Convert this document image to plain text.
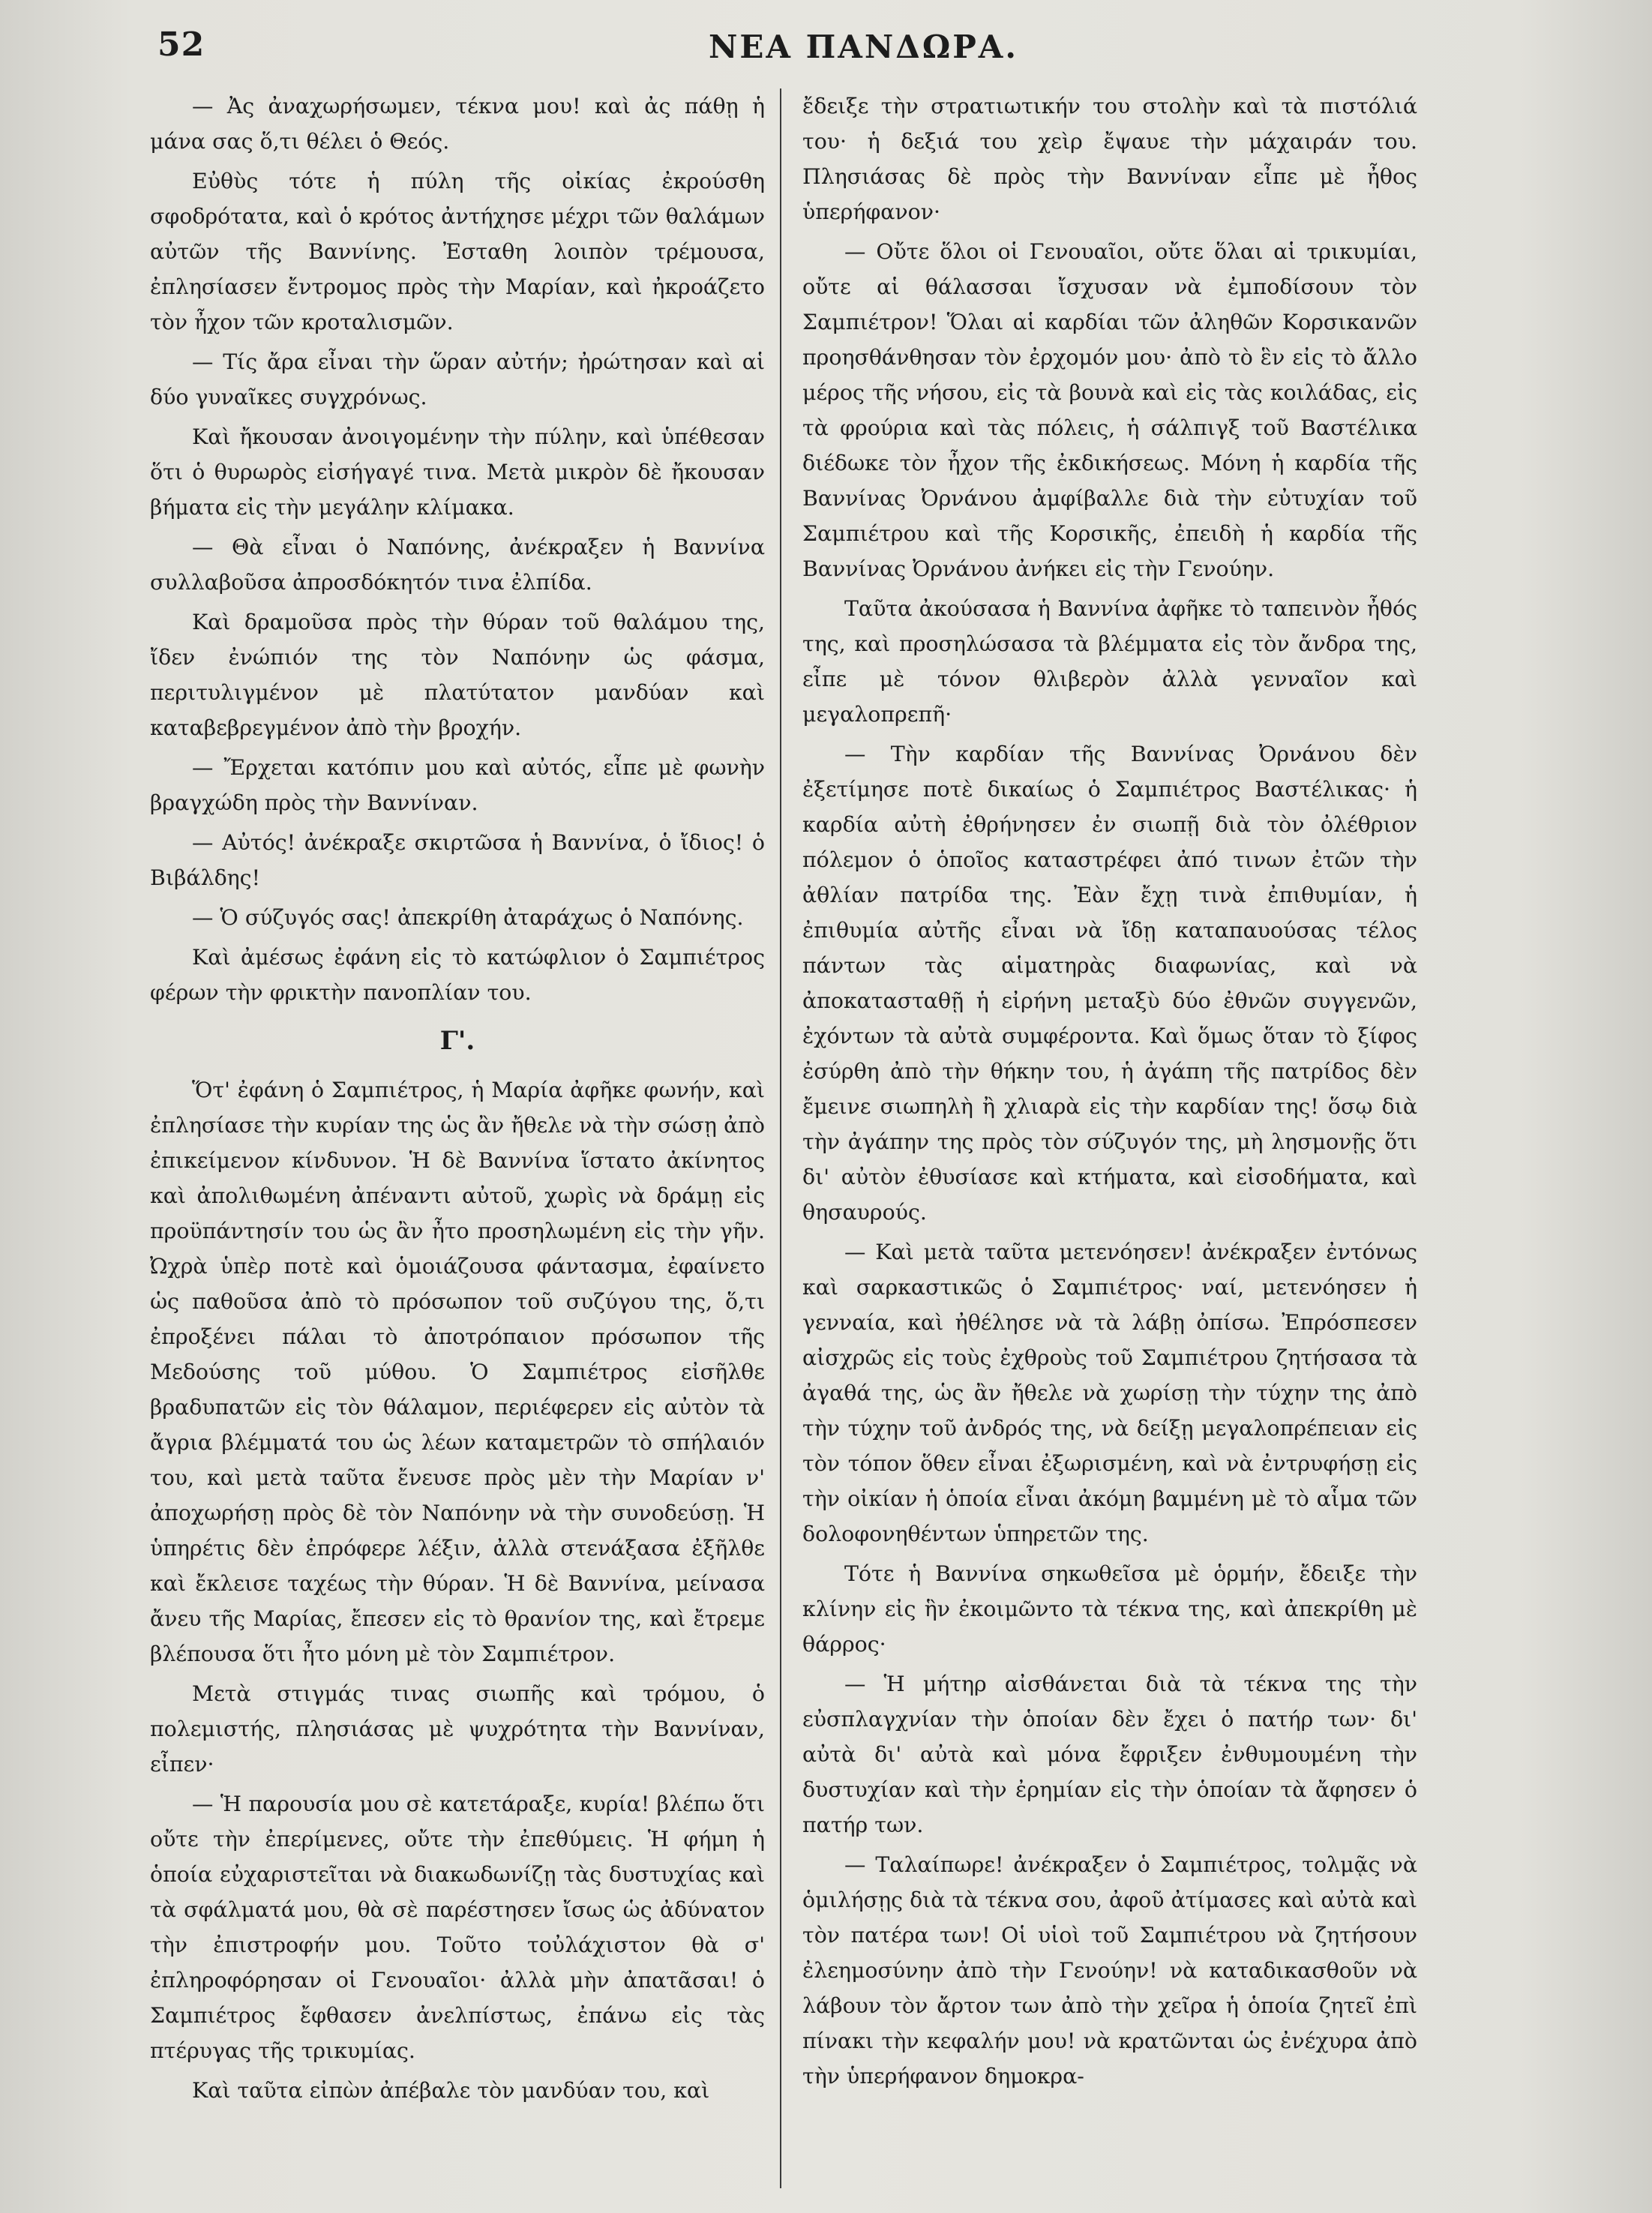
52	ΝΕΑ ΠΑΝΔΩΡΑ.

— Ἀς ἀναχωρήσωμεν, τέκνα μου! καὶ ἀς πάθῃ ἡ μάνα σας ὅ,τι θέλει ὁ Θεός.

Εὐθὺς τότε ἡ πύλη τῆς οἰκίας ἐκρούσθη σφοδρότατα, καὶ ὁ κρότος ἀντήχησε μέχρι τῶν θαλάμων αὐτῶν τῆς Βαννίνης. Ἐσταθη λοιπὸν τρέμουσα, ἐπλησίασεν ἔντρομος πρὸς τὴν Μαρίαν, καὶ ἠκροάζετο τὸν ἦχον τῶν κροταλισμῶν.

— Τίς ἄρα εἶναι τὴν ὥραν αὐτήν; ἠρώτησαν καὶ αἱ δύο γυναῖκες συγχρόνως.

Καὶ ἤκουσαν ἀνοιγομένην τὴν πύλην, καὶ ὑπέθεσαν ὅτι ὁ θυρωρὸς εἰσήγαγέ τινα. Μετὰ μικρὸν δὲ ἤκουσαν βήματα εἰς τὴν μεγάλην κλίμακα.

— Θὰ εἶναι ὁ Ναπόνης, ἀνέκραξεν ἡ Βαννίνα συλλαβοῦσα ἀπροσδόκητόν τινα ἐλπίδα.

Καὶ δραμοῦσα πρὸς τὴν θύραν τοῦ θαλάμου της, ἴδεν ἐνώπιόν της τὸν Ναπόνην ὡς φάσμα, περιτυλιγμένον μὲ πλατύτατον μανδύαν καὶ καταβεβρεγμένον ἀπὸ τὴν βροχήν.

— Ἔρχεται κατόπιν μου καὶ αὐτός, εἶπε μὲ φωνὴν βραγχώδη πρὸς τὴν Βαννίναν.

— Αὐτός! ἀνέκραξε σκιρτῶσα ἡ Βαννίνα, ὁ ἴδιος! ὁ Βιβάλδης!

— Ὁ σύζυγός σας! ἀπεκρίθη ἀταράχως ὁ Ναπόνης.

Καὶ ἀμέσως ἐφάνη εἰς τὸ κατώφλιον ὁ Σαμπιέτρος φέρων τὴν φρικτὴν πανοπλίαν του.

Γ'.

Ὅτ' ἐφάνη ὁ Σαμπιέτρος, ἡ Μαρία ἀφῆκε φωνήν, καὶ ἐπλησίασε τὴν κυρίαν της ὡς ἂν ἤθελε νὰ τὴν σώσῃ ἀπὸ ἐπικείμενον κίνδυνον. Ἡ δὲ Βαννίνα ἵστατο ἀκίνητος καὶ ἀπολιθωμένη ἀπέναντι αὐτοῦ, χωρὶς νὰ δράμῃ εἰς προϋπάντησίν του ὡς ἂν ἦτο προσηλωμένη εἰς τὴν γῆν. Ὠχρὰ ὑπὲρ ποτὲ καὶ ὁμοιάζουσα φάντασμα, ἐφαίνετο ὡς παθοῦσα ἀπὸ τὸ πρόσωπον τοῦ συζύγου της, ὅ,τι ἐπροξένει πάλαι τὸ ἀποτρόπαιον πρόσωπον τῆς Μεδούσης τοῦ μύθου. Ὁ Σαμπιέτρος εἰσῆλθε βραδυπατῶν εἰς τὸν θάλαμον, περιέφερεν εἰς αὐτὸν τὰ ἄγρια βλέμματά του ὡς λέων καταμετρῶν τὸ σπήλαιόν του, καὶ μετὰ ταῦτα ἔνευσε πρὸς μὲν τὴν Μαρίαν ν' ἀποχωρήσῃ πρὸς δὲ τὸν Ναπόνην νὰ τὴν συνοδεύσῃ. Ἡ ὑπηρέτις δὲν ἐπρόφερε λέξιν, ἀλλὰ στενάξασα ἐξῆλθε καὶ ἔκλεισε ταχέως τὴν θύραν. Ἡ δὲ Βαννίνα, μείνασα ἄνευ τῆς Μαρίας, ἔπεσεν εἰς τὸ θρανίον της, καὶ ἔτρεμε βλέπουσα ὅτι ἦτο μόνη μὲ τὸν Σαμπιέτρον.

Μετὰ στιγμάς τινας σιωπῆς καὶ τρόμου, ὁ πολεμιστής, πλησιάσας μὲ ψυχρότητα τὴν Βαννίναν, εἶπεν·

— Ἡ παρουσία μου σὲ κατετάραξε, κυρία! βλέπω ὅτι οὔτε τὴν ἐπερίμενες, οὔτε τὴν ἐπεθύμεις. Ἡ φήμη ἡ ὁποία εὐχαριστεῖται νὰ διακωδωνίζῃ τὰς δυστυχίας καὶ τὰ σφάλματά μου, θὰ σὲ παρέστησεν ἴσως ὡς ἀδύνατον τὴν ἐπιστροφήν μου. Τοῦτο τοὐλάχιστον θὰ σ' ἐπληροφόρησαν οἱ Γενουαῖοι· ἀλλὰ μὴν ἀπατᾶσαι! ὁ Σαμπιέτρος ἔφθασεν ἀνελπίστως, ἐπάνω εἰς τὰς πτέρυγας τῆς τρικυμίας.

Καὶ ταῦτα εἰπὼν ἀπέβαλε τὸν μανδύαν του, καὶ

ἔδειξε τὴν στρατιωτικήν του στολὴν καὶ τὰ πιστόλιά του· ἡ δεξιά του χεὶρ ἔψαυε τὴν μάχαιράν του. Πλησιάσας δὲ πρὸς τὴν Βαννίναν εἶπε μὲ ἦθος ὑπερήφανον·

— Οὔτε ὅλοι οἱ Γενουαῖοι, οὔτε ὅλαι αἱ τρικυμίαι, οὔτε αἱ θάλασσαι ἴσχυσαν νὰ ἐμποδίσουν τὸν Σαμπιέτρον! Ὅλαι αἱ καρδίαι τῶν ἀληθῶν Κορσικανῶν προησθάνθησαν τὸν ἐρχομόν μου· ἀπὸ τὸ ἓν εἰς τὸ ἄλλο μέρος τῆς νήσου, εἰς τὰ βουνὰ καὶ εἰς τὰς κοιλάδας, εἰς τὰ φρούρια καὶ τὰς πόλεις, ἡ σάλπιγξ τοῦ Βαστέλικα διέδωκε τὸν ἦχον τῆς ἐκδικήσεως. Μόνη ἡ καρδία τῆς Βαννίνας Ὀρνάνου ἀμφίβαλλε διὰ τὴν εὐτυχίαν τοῦ Σαμπιέτρου καὶ τῆς Κορσικῆς, ἐπειδὴ ἡ καρδία τῆς Βαννίνας Ὀρνάνου ἀνήκει εἰς τὴν Γενούην.

Ταῦτα ἀκούσασα ἡ Βαννίνα ἀφῆκε τὸ ταπεινὸν ἦθός της, καὶ προσηλώσασα τὰ βλέμματα εἰς τὸν ἄνδρα της, εἶπε μὲ τόνον θλιβερὸν ἀλλὰ γενναῖον καὶ μεγαλοπρεπῆ·

— Τὴν καρδίαν τῆς Βαννίνας Ὀρνάνου δὲν ἐξετίμησε ποτὲ δικαίως ὁ Σαμπιέτρος Βαστέλικας· ἡ καρδία αὐτὴ ἐθρήνησεν ἐν σιωπῇ διὰ τὸν ὀλέθριον πόλεμον ὁ ὁποῖος καταστρέφει ἀπό τινων ἐτῶν τὴν ἀθλίαν πατρίδα της. Ἐὰν ἔχῃ τινὰ ἐπιθυμίαν, ἡ ἐπιθυμία αὐτῆς εἶναι νὰ ἴδῃ καταπαυούσας τέλος πάντων τὰς αἱματηρὰς διαφωνίας, καὶ νὰ ἀποκατασταθῇ ἡ εἰρήνη μεταξὺ δύο ἐθνῶν συγγενῶν, ἐχόντων τὰ αὐτὰ συμφέροντα. Καὶ ὅμως ὅταν τὸ ξίφος ἐσύρθη ἀπὸ τὴν θήκην του, ἡ ἀγάπη τῆς πατρίδος δὲν ἔμεινε σιωπηλὴ ἢ χλιαρὰ εἰς τὴν καρδίαν της! ὅσῳ διὰ τὴν ἀγάπην της πρὸς τὸν σύζυγόν της, μὴ λησμονῇς ὅτι δι' αὐτὸν ἐθυσίασε καὶ κτήματα, καὶ εἰσοδήματα, καὶ θησαυρούς.

— Καὶ μετὰ ταῦτα μετενόησεν! ἀνέκραξεν ἐντόνως καὶ σαρκαστικῶς ὁ Σαμπιέτρος· ναί, μετενόησεν ἡ γενναία, καὶ ἠθέλησε νὰ τὰ λάβῃ ὀπίσω. Ἐπρόσπεσεν αἰσχρῶς εἰς τοὺς ἐχθροὺς τοῦ Σαμπιέτρου ζητήσασα τὰ ἀγαθά της, ὡς ἂν ἤθελε νὰ χωρίσῃ τὴν τύχην της ἀπὸ τὴν τύχην τοῦ ἀνδρός της, νὰ δείξῃ μεγαλοπρέπειαν εἰς τὸν τόπον ὅθεν εἶναι ἐξωρισμένη, καὶ νὰ ἐντρυφήσῃ εἰς τὴν οἰκίαν ἡ ὁποία εἶναι ἀκόμη βαμμένη μὲ τὸ αἷμα τῶν δολοφονηθέντων ὑπηρετῶν της.

Τότε ἡ Βαννίνα σηκωθεῖσα μὲ ὁρμήν, ἔδειξε τὴν κλίνην εἰς ἣν ἐκοιμῶντο τὰ τέκνα της, καὶ ἀπεκρίθη μὲ θάρρος·

— Ἡ μήτηρ αἰσθάνεται διὰ τὰ τέκνα της τὴν εὐσπλαγχνίαν τὴν ὁποίαν δὲν ἔχει ὁ πατήρ των· δι' αὐτὰ δι' αὐτὰ καὶ μόνα ἔφριξεν ἐνθυμουμένη τὴν δυστυχίαν καὶ τὴν ἐρημίαν εἰς τὴν ὁποίαν τὰ ἄφησεν ὁ πατήρ των.

— Ταλαίπωρε! ἀνέκραξεν ὁ Σαμπιέτρος, τολμᾷς νὰ ὁμιλήσῃς διὰ τὰ τέκνα σου, ἀφοῦ ἀτίμασες καὶ αὐτὰ καὶ τὸν πατέρα των! Οἱ υἱοὶ τοῦ Σαμπιέτρου νὰ ζητήσουν ἐλεημοσύνην ἀπὸ τὴν Γενούην! νὰ καταδικασθοῦν νὰ λάβουν τὸν ἄρτον των ἀπὸ τὴν χεῖρα ἡ ὁποία ζητεῖ ἐπὶ πίνακι τὴν κεφαλήν μου! νὰ κρατῶνται ὡς ἐνέχυρα ἀπὸ τὴν ὑπερήφανον δημοκρα-
